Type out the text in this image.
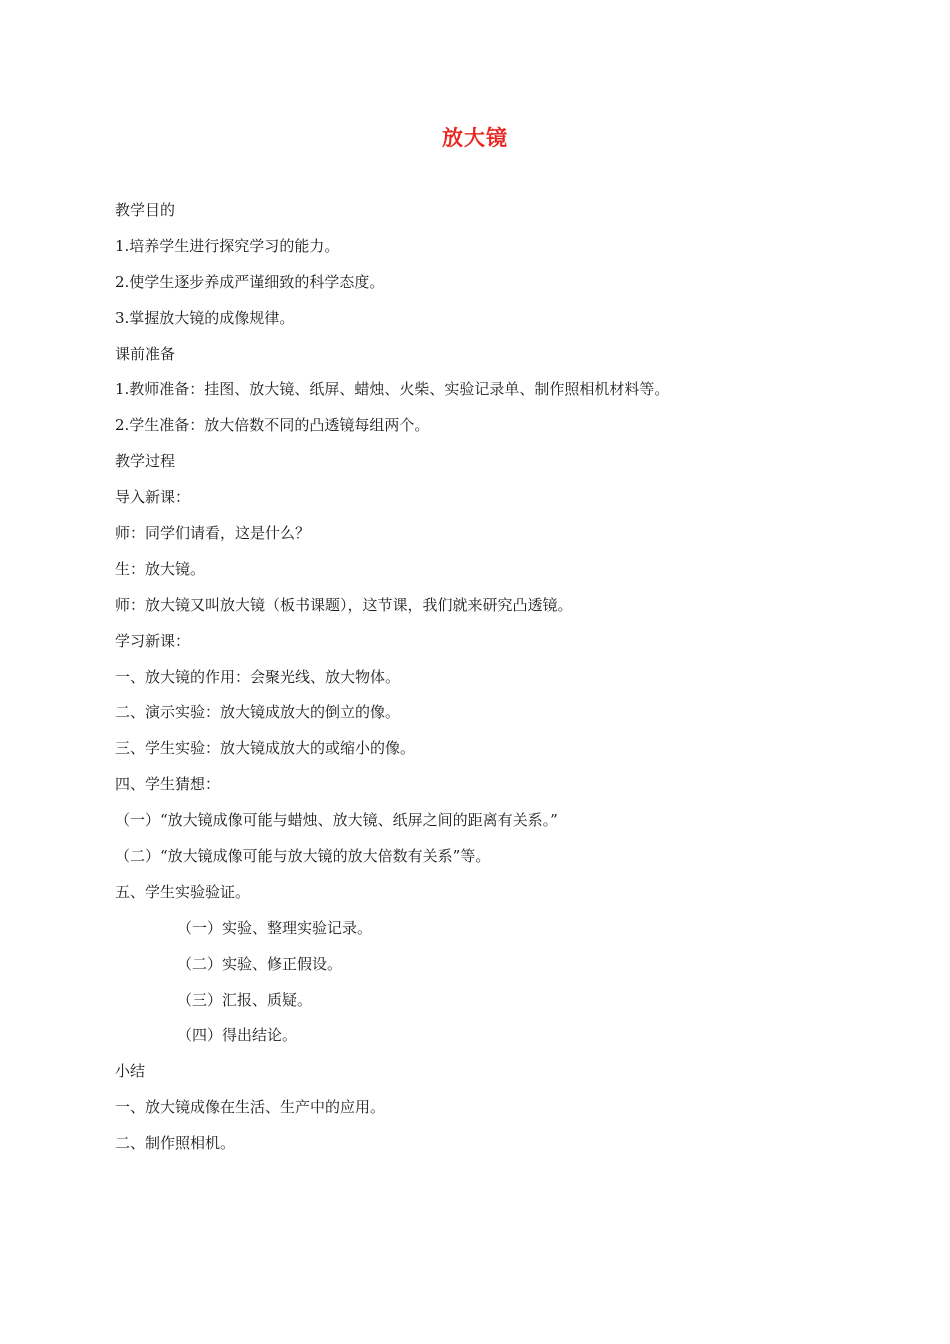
放大镜
教学目的
1.培养学生进行探究学习的能力。
2.使学生逐步养成严谨细致的科学态度。
3.掌握放大镜的成像规律。
课前准备
1.教师准备：挂图、放大镜、纸屏、蜡烛、火柴、实验记录单、制作照相机材料等。
2.学生准备：放大倍数不同的凸透镜每组两个。
教学过程
导入新课：
师：同学们请看，这是什么？
生：放大镜。
师：放大镜又叫放大镜（板书课题），这节课，我们就来研究凸透镜。
学习新课：
一、放大镜的作用：会聚光线、放大物体。
二、演示实验：放大镜成放大的倒立的像。
三、学生实验：放大镜成放大的或缩小的像。
四、学生猜想：
（一）“放大镜成像可能与蜡烛、放大镜、纸屏之间的距离有关系。”
（二）“放大镜成像可能与放大镜的放大倍数有关系”等。
五、学生实验验证。
（一）实验、整理实验记录。
（二）实验、修正假设。
（三）汇报、质疑。
（四）得出结论。
小结
一、放大镜成像在生活、生产中的应用。
二、制作照相机。
